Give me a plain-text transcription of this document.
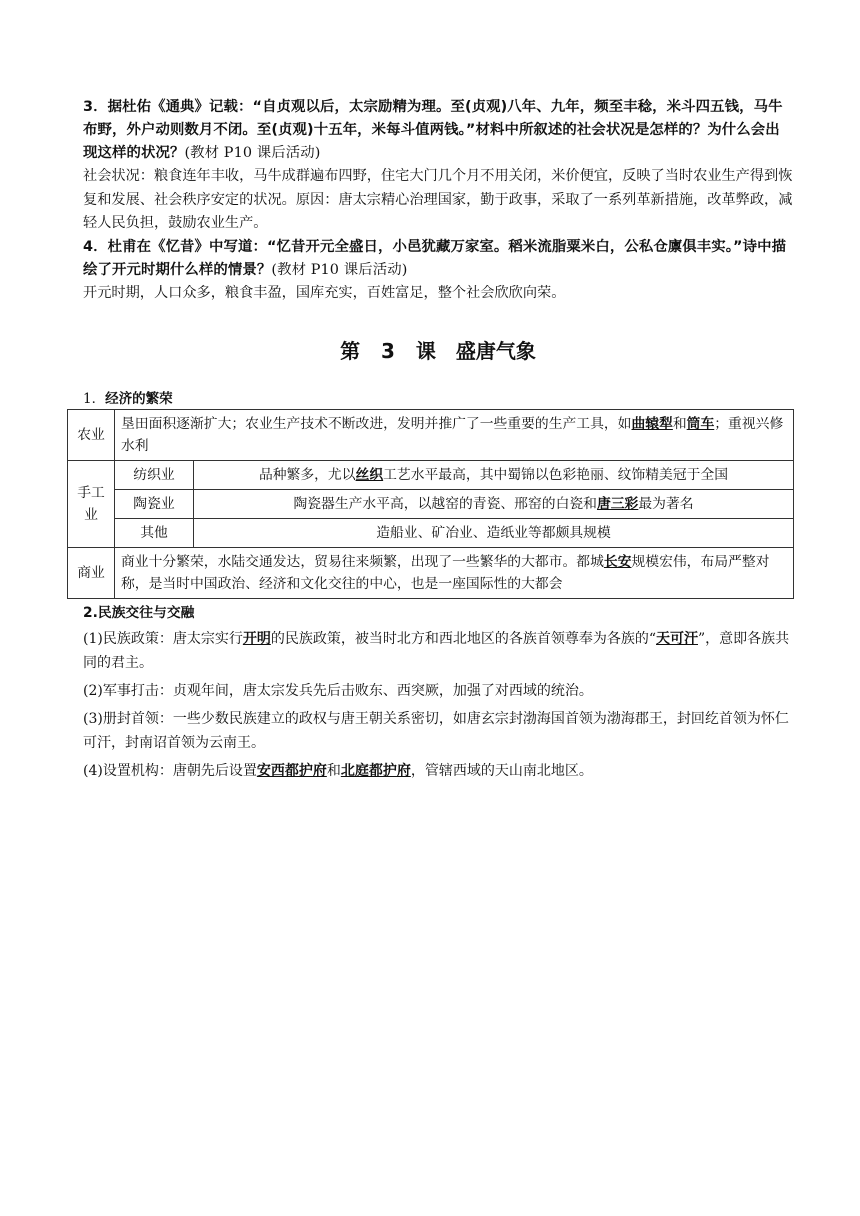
3．据杜佑《通典》记载：“自贞观以后，太宗励精为理。至(贞观)八年、九年，频至丰稔，米斗四五钱，马牛布野，外户动则数月不闭。至(贞观)十五年，米每斗值两钱。”材料中所叙述的社会状况是怎样的？为什么会出现这样的状况？(教材 P10 课后活动)

社会状况：粮食连年丰收，马牛成群遍布四野，住宅大门几个月不用关闭，米价便宜，反映了当时农业生产得到恢复和发展、社会秩序安定的状况。原因：唐太宗精心治理国家，勤于政事，采取了一系列革新措施，改革弊政，减轻人民负担，鼓励农业生产。

4．杜甫在《忆昔》中写道：“忆昔开元全盛日，小邑犹藏万家室。稻米流脂粟米白，公私仓廪俱丰实。”诗中描绘了开元时期什么样的情景？(教材 P10 课后活动)

开元时期，人口众多，粮食丰盈，国库充实，百姓富足，整个社会欣欣向荣。

第 3 课　盛唐气象

1．经济的繁荣

农业	垦田面积逐渐扩大；农业生产技术不断改进，发明并推广了一些重要的生产工具，如曲辕犁和筒车；重视兴修水利	
手工业	纺织业	品种繁多，尤以丝织工艺水平最高，其中蜀锦以色彩艳丽、纹饰精美冠于全国
	陶瓷业	陶瓷器生产水平高，以越窑的青瓷、邢窑的白瓷和唐三彩最为著名
	其他	造船业、矿冶业、造纸业等都颇具规模
商业	商业十分繁荣，水陆交通发达，贸易往来频繁，出现了一些繁华的大都市。都城长安规模宏伟，布局严整对称，是当时中国政治、经济和文化交往的中心，也是一座国际性的大都会	

2.民族交往与交融

(1)民族政策：唐太宗实行开明的民族政策，被当时北方和西北地区的各族首领尊奉为各族的“天可汗”，意即各族共同的君主。

(2)军事打击：贞观年间，唐太宗发兵先后击败东、西突厥，加强了对西域的统治。

(3)册封首领：一些少数民族建立的政权与唐王朝关系密切，如唐玄宗封渤海国首领为渤海郡王，封回纥首领为怀仁可汗，封南诏首领为云南王。

(4)设置机构：唐朝先后设置安西都护府和北庭都护府，管辖西域的天山南北地区。
